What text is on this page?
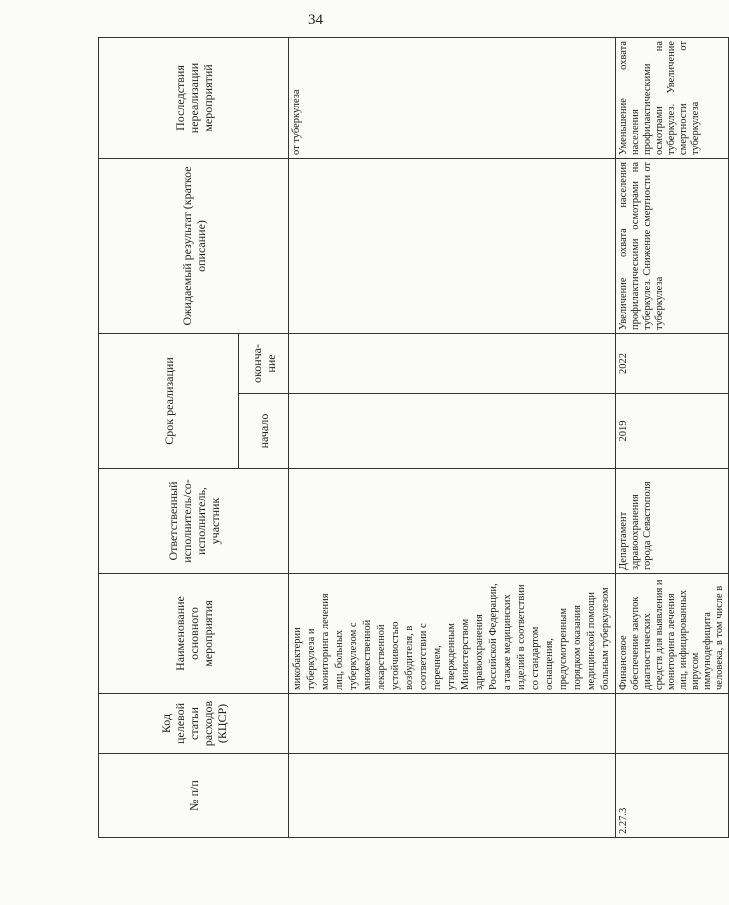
34
№ п/п	Код целевой статьи расходов (КЦСР)	Наименование основного мероприятия	Ответственный исполнитель/со-исполнитель, участник	Срок реализации		Ожидаемый результат (краткое описание)	Последствия нереализации мероприятий
				начало	оконча-ние		
		микобактерии туберкулеза и мониторинга лечения лиц, больных туберкулезом с множественной лекарственной устойчивостью возбудителя, в соответствии с перечнем, утвержденным Министерством здравоохранения Российской Федерации, а также медицинских изделий в соответствии со стандартом оснащения, предусмотренным порядком оказания медицинской помощи больным туберкулезом					от туберкулеза
2.27.3		Финансовое обеспечение закупок диагностических средств для выявления и мониторинга лечения лиц, инфицированных вирусом иммунодефицита человека, в том числе в	Департамент здравоохранения города Севастополя	2019	2022	Увеличение охвата населения профилактическими осмотрами на туберкулез. Снижение смертности от туберкулеза	Уменьшение охвата населения профилактическими осмотрами на туберкулез. Увеличение смертности от туберкулеза
